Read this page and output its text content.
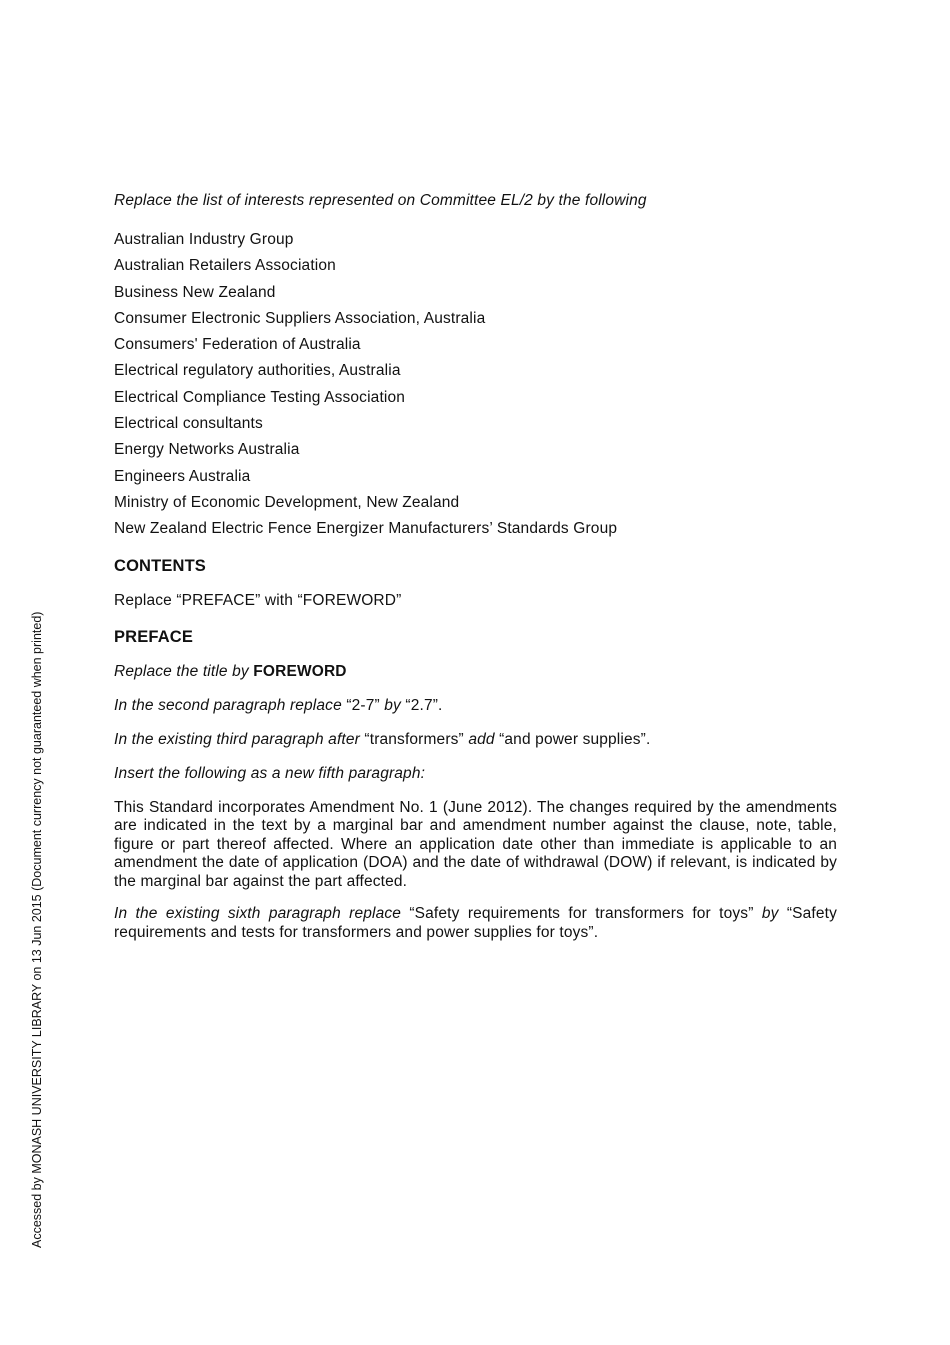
Accessed by MONASH UNIVERSITY LIBRARY on 13 Jun 2015 (Document currency not guaranteed when printed)

Replace the list of interests represented on Committee EL/2 by the following

Australian Industry Group
Australian Retailers Association
Business New Zealand
Consumer Electronic Suppliers Association, Australia
Consumers' Federation of Australia
Electrical regulatory authorities, Australia
Electrical Compliance Testing Association
Electrical consultants
Energy Networks Australia
Engineers Australia
Ministry of Economic Development, New Zealand
New Zealand Electric Fence Energizer Manufacturers’ Standards Group
CONTENTS

Replace “PREFACE” with “FOREWORD”

PREFACE

Replace the title by FOREWORD

In the second paragraph replace “2-7” by “2.7”.

In the existing third paragraph after “transformers” add “and power supplies”.

Insert the following as a new fifth paragraph:

This Standard incorporates Amendment No. 1 (June 2012). The changes required by the amendments are indicated in the text by a marginal bar and amendment number against the clause, note, table, figure or part thereof affected. Where an application date other than immediate is applicable to an amendment the date of application (DOA) and the date of withdrawal (DOW) if relevant, is indicated by the marginal bar against the part affected.

In the existing sixth paragraph replace “Safety requirements for transformers for toys” by “Safety requirements and tests for transformers and power supplies for toys”.
